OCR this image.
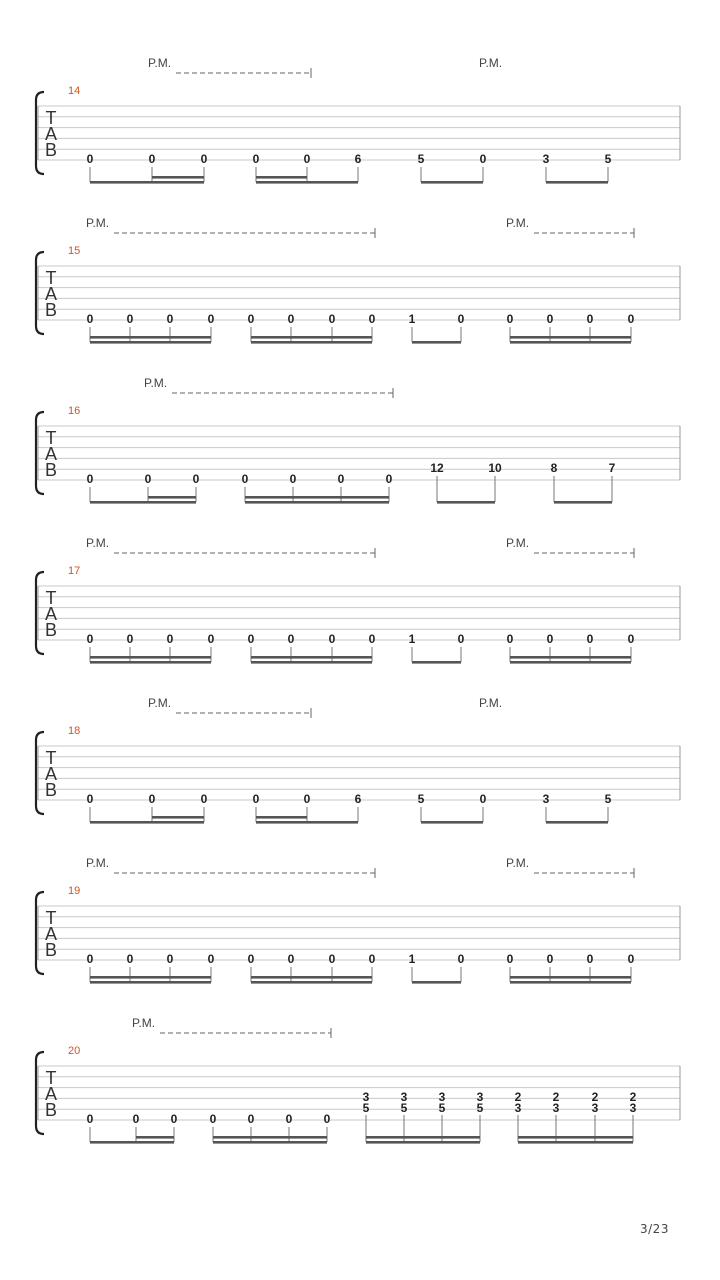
P.M.	P.M.
14
T
A
B 0	0	0	0	0	6	5	0	3	5
P.M.	P.M.
15
T
A
B 0	0	0	0	0	0	0	0	1	0	0	0	0	0
P.M.
16
T
A
B 0	0	0	0	0	0	0
12	10	8	7
P.M.	P.M.
17
T
A
B 0	0	0	0	0	0	0	0	1	0	0	0	0	0
P.M.	P.M.
18
T
A
B 0	0	0	0	0	6	5	0	3	5
P.M.	P.M.
19
T
A
B 0	0	0	0	0	0	0	0	1	0	0	0	0	0
P.M.
20
T
A
B 0	0	0	0	0	0	0
3
5
3
5
3
5
3
5
2
3
2
3
2
3
2
3
3/23
